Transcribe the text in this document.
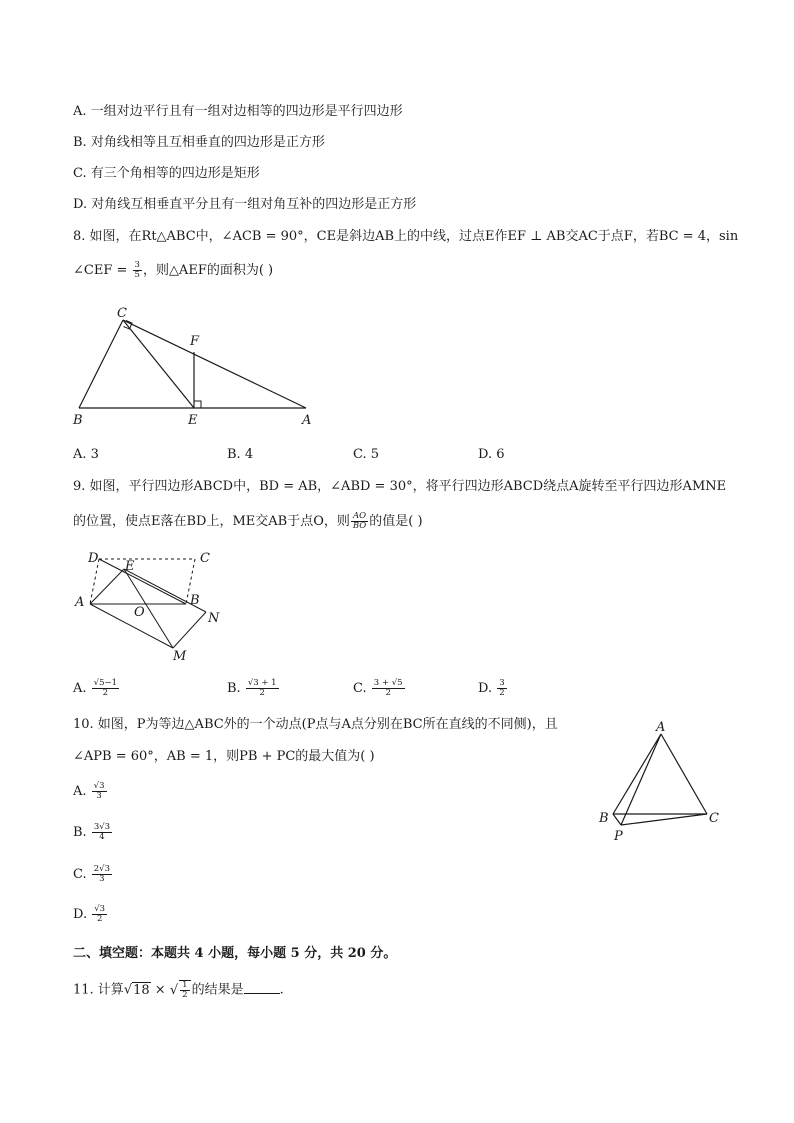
A. 一组对边平行且有一组对边相等的四边形是平行四边形
B. 对角线相等且互相垂直的四边形是正方形
C. 有三个角相等的四边形是矩形
D. 对角线互相垂直平分且有一组对角互补的四边形是正方形
8. 如图，在Rt△ABC中，∠ACB = 90°，CE是斜边AB上的中线，过点E作EF ⊥ AB交AC于点F，若BC = 4，sin
∠CEF = $\frac{3}{5}$ ，则△AEF的面积为( )
C
F
B	E	A
A. 3	B. 4	C. 5	D. 6
9. 如图，平行四边形ABCD中，BD = AB，∠ABD = 30°，将平行四边形ABCD绕点A旋转至平行四边形AMNE
的位置，使点E落在BD上，ME交AB于点O，则 $\frac{AO}{BO}$ 的值是( )
D
E
C
A
O
B
N
M
A. $\frac{√5-1}{2}$	B. $\frac{√3 + 1}{2}$	C. $\frac{3 + √5}{2}$	D. $\frac{3}{2}$
10. 如图，P为等边△ABC外的一个动点(P点与A点分别在BC所在直线的不同侧)，且
∠APB = 60°，AB = 1，则PB + PC的最大值为( )
A
B	C
P
A. $\frac{√3}{3}$
B. $\frac{3√3}{4}$
C. $\frac{2√3}{3}$
D. $\frac{√3}{2}$
二、填空题：本题共 4 小题，每小题 5 分，共 20 分。
11. 计算√18 × √ $\frac{1}{2}$ 的结果是	.
